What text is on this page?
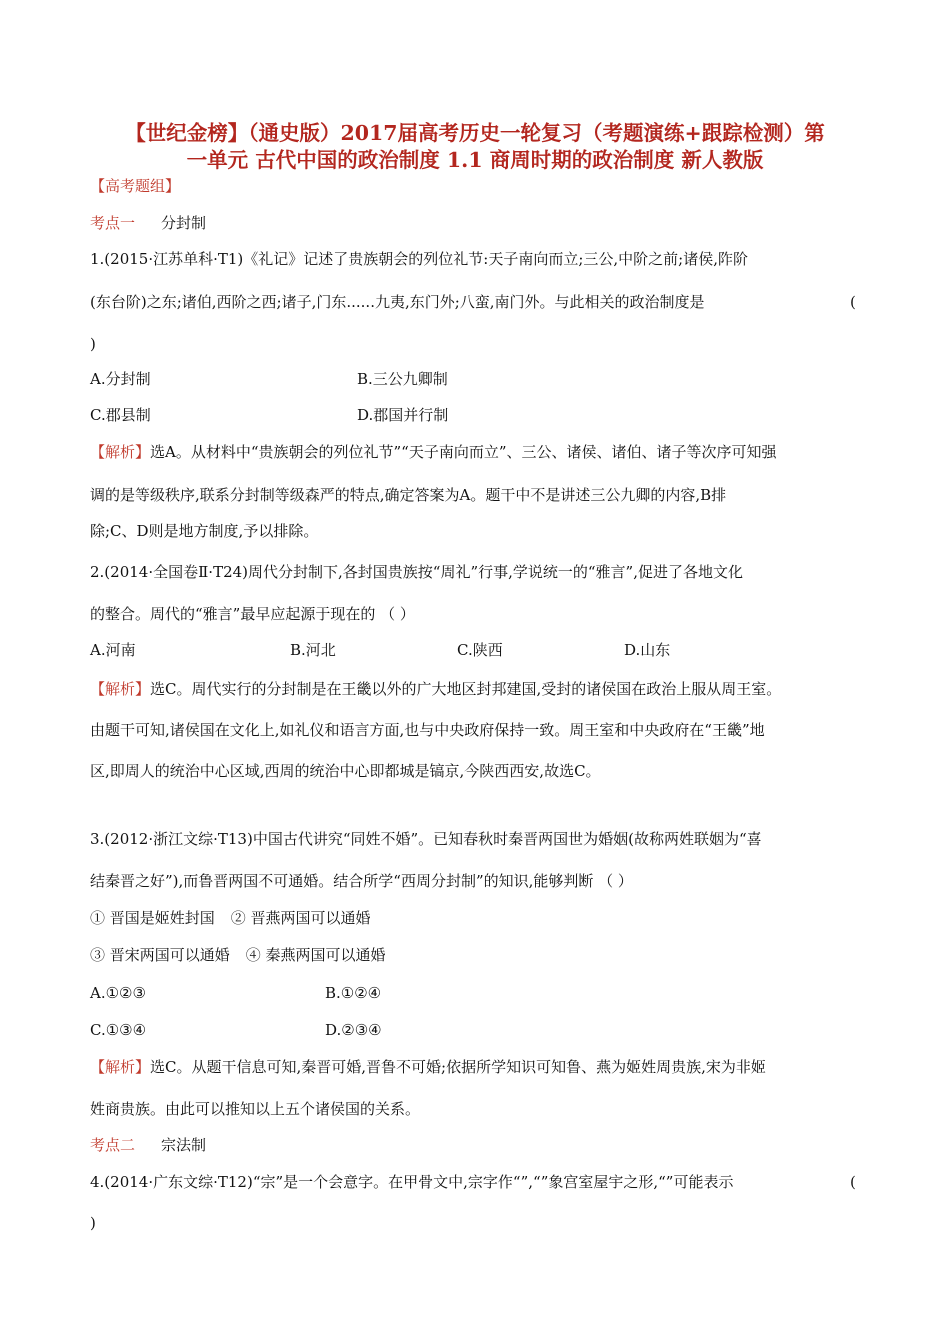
【世纪金榜】（通史版）2017届高考历史一轮复习（考题演练+跟踪检测）第
一单元 古代中国的政治制度 1.1 商周时期的政治制度 新人教版
【高考题组】
考点一 分封制
1.(2015·江苏单科·T1)《礼记》记述了贵族朝会的列位礼节:天子南向而立;三公,中阶之前;诸侯,阼阶
(东台阶)之东;诸伯,西阶之西;诸子,门东......九夷,东门外;八蛮,南门外。与此相关的政治制度是	(
)
A.分封制	B.三公九卿制
C.郡县制	D.郡国并行制
【解析】选A。从材料中“贵族朝会的列位礼节”“天子南向而立”、三公、诸侯、诸伯、诸子等次序可知强
调的是等级秩序,联系分封制等级森严的特点,确定答案为A。题干中不是讲述三公九卿的内容,B排
除;C、D则是地方制度,予以排除。
2.(2014·全国卷Ⅱ·T24)周代分封制下,各封国贵族按“周礼”行事,学说统一的“雅言”,促进了各地文化
的整合。周代的“雅言”最早应起源于现在的 （ ）
A.河南	B.河北	C.陕西	D.山东
【解析】选C。周代实行的分封制是在王畿以外的广大地区封邦建国,受封的诸侯国在政治上服从周王室。
由题干可知,诸侯国在文化上,如礼仪和语言方面,也与中央政府保持一致。周王室和中央政府在“王畿”地
区,即周人的统治中心区域,西周的统治中心即都城是镐京,今陕西西安,故选C。
3.(2012·浙江文综·T13)中国古代讲究“同姓不婚”。已知春秋时秦晋两国世为婚姻(故称两姓联姻为“喜
结秦晋之好”),而鲁晋两国不可通婚。结合所学“西周分封制”的知识,能够判断 （ ）
① 晋国是姬姓封国 ② 晋燕两国可以通婚
③ 晋宋两国可以通婚 ④ 秦燕两国可以通婚
A.①②③	B.①②④
C.①③④	D.②③④
【解析】选C。从题干信息可知,秦晋可婚,晋鲁不可婚;依据所学知识可知鲁、燕为姬姓周贵族,宋为非姬
姓商贵族。由此可以推知以上五个诸侯国的关系。
考点二 宗法制
4.(2014·广东文综·T12)“宗”是一个会意字。在甲骨文中,宗字作“”,“”象宫室屋宇之形,“”可能表示	(
)
